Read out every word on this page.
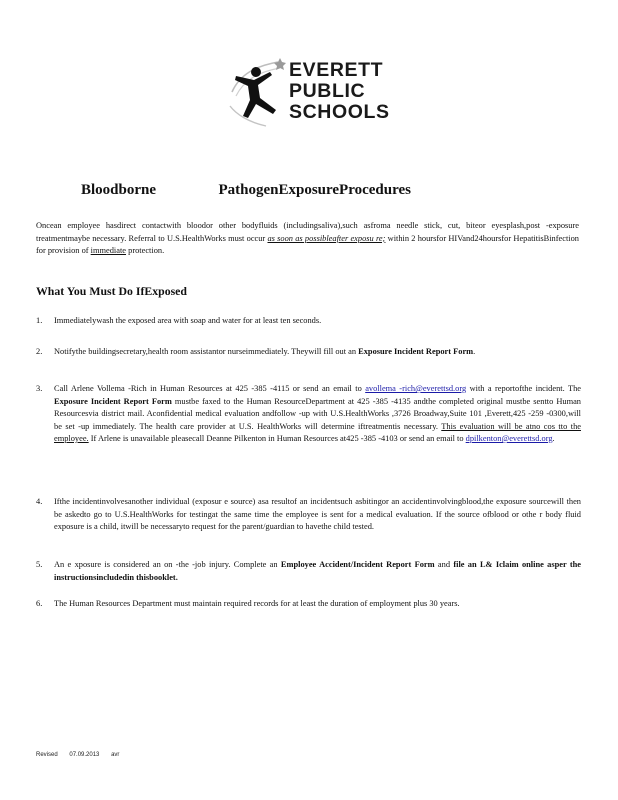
EVERETT
PUBLIC
SCHOOLS
Bloodborne	PathogenExposureProcedures
Oncean employee hasdirect contactwith bloodor other bodyfluids (includingsaliva),such asfroma needle stick, cut, biteor eyesplash,post -exposure treatmentmaybe necessary. Referral to U.S.HealthWorks must occur as soon as possibleafter exposu re; within 2 hoursfor HIVand24hoursfor HepatitisBinfection for provision of immediate protection.
What You Must Do IfExposed
1.	Immediatelywash the exposed area with soap and water for at least ten seconds.
2.	Notifythe buildingsecretary,health room assistantor nurseimmediately. Theywill fill out an Exposure Incident Report Form.
3.	Call Arlene Vollema -Rich in Human Resources at 425 -385 -4115 or send an email to avollema -rich@everettsd.org with a reportofthe incident. The Exposure Incident Report Form mustbe faxed to the Human ResourceDepartment at 425 -385 -4135 andthe completed original mustbe sentto Human Resourcesvia district mail. Aconfidential medical evaluation andfollow -up with U.S.HealthWorks ,3726 Broadway,Suite 101 ,Everett,425 -259 -0300,will be set -up immediately. The health care provider at U.S. HealthWorks will determine iftreatmentis necessary. This evaluation will be atno cos tto the employee. If Arlene is unavailable pleasecall Deanne Pilkenton in Human Resources at425 -385 -4103 or send an email to dpilkenton@everettsd.org.
4.	Ifthe incidentinvolvesanother individual (exposur e source) asa resultof an incidentsuch asbitingor an accidentinvolvingblood,the exposure sourcewill then be askedto go to U.S.HealthWorks for testingat the same time the employee is sent for a medical evaluation. If the source ofblood or othe r body fluid exposure is a child, itwill be necessaryto request for the parent/guardian to havethe child tested.
5.	An e xposure is considered an on -the -job injury. Complete an Employee Accident/Incident Report Form and file an L& Iclaim online asper the instructionsincludedin thisbooklet.
6.	The Human Resources Department must maintain required records for at least the duration of employment plus 30 years.
Revised 07.09.2013 avr
